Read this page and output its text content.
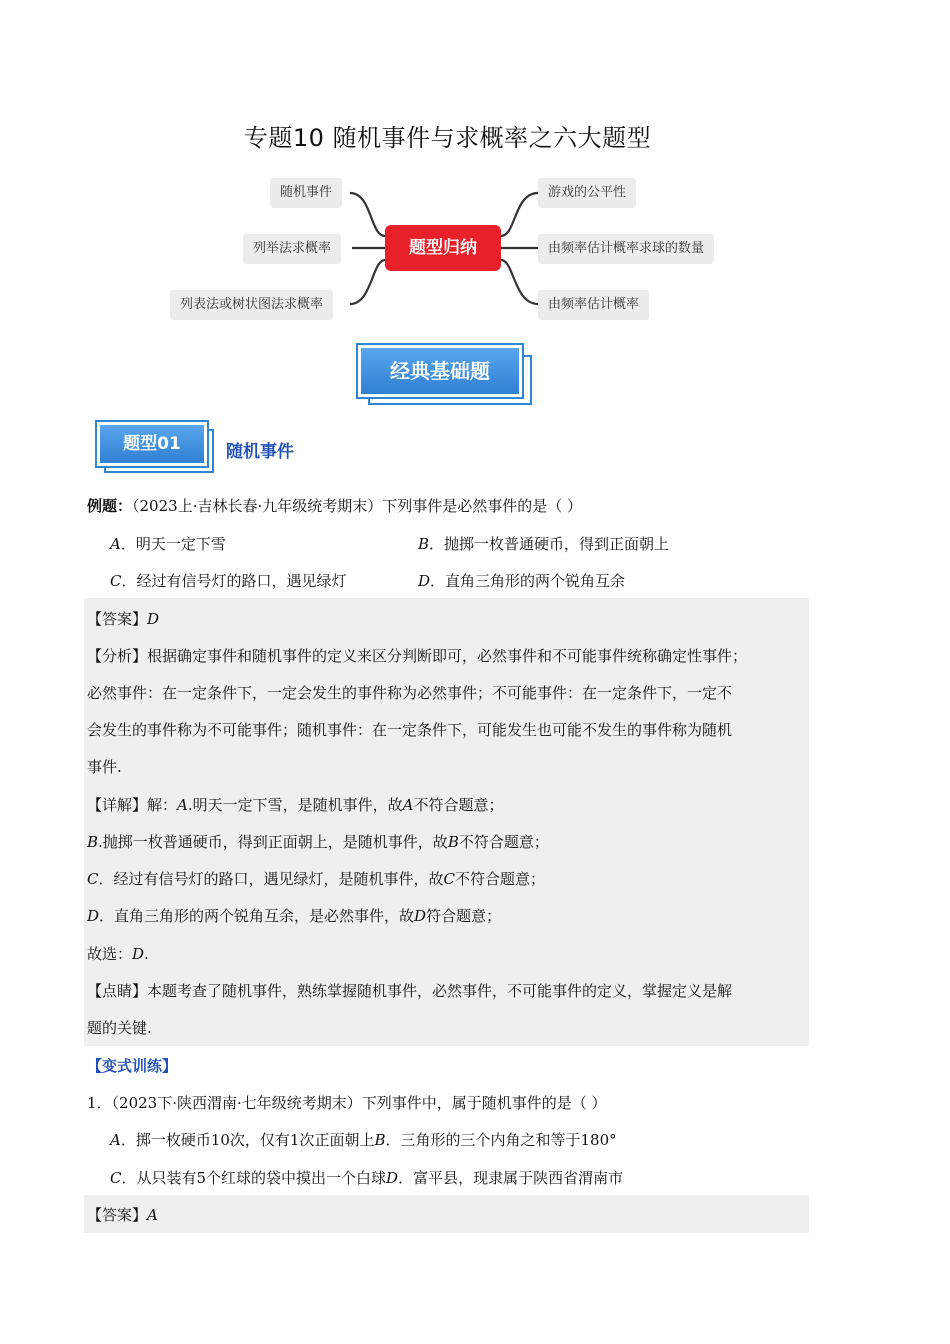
专题10 随机事件与求概率之六大题型
随机事件
列举法求概率
列表法或树状图法求概率
题型归纳
游戏的公平性
由频率估计概率求球的数量
由频率估计概率
经典基础题
题型01	随机事件
例题：（2023上·吉林长春·九年级统考期末）下列事件是必然事件的是（ ）
A．明天一定下雪	B．抛掷一枚普通硬币，得到正面朝上
C．经过有信号灯的路口，遇见绿灯	D．直角三角形的两个锐角互余
【答案】D
【分析】根据确定事件和随机事件的定义来区分判断即可，必然事件和不可能事件统称确定性事件；
必然事件：在一定条件下，一定会发生的事件称为必然事件；不可能事件：在一定条件下，一定不
会发生的事件称为不可能事件；随机事件：在一定条件下，可能发生也可能不发生的事件称为随机
事件.
【详解】解：A.明天一定下雪，是随机事件，故A不符合题意；
B.抛掷一枚普通硬币，得到正面朝上，是随机事件，故B不符合题意；
C．经过有信号灯的路口，遇见绿灯，是随机事件，故C不符合题意；
D．直角三角形的两个锐角互余，是必然事件，故D符合题意；
故选：D.
【点睛】本题考查了随机事件，熟练掌握随机事件，必然事件，不可能事件的定义，掌握定义是解
题的关键.
【变式训练】
1．（2023下·陕西渭南·七年级统考期末）下列事件中，属于随机事件的是（ ）
A．掷一枚硬币10次，仅有1次正面朝上B．三角形的三个内角之和等于180°
C．从只装有5个红球的袋中摸出一个白球D．富平县，现隶属于陕西省渭南市
【答案】A
